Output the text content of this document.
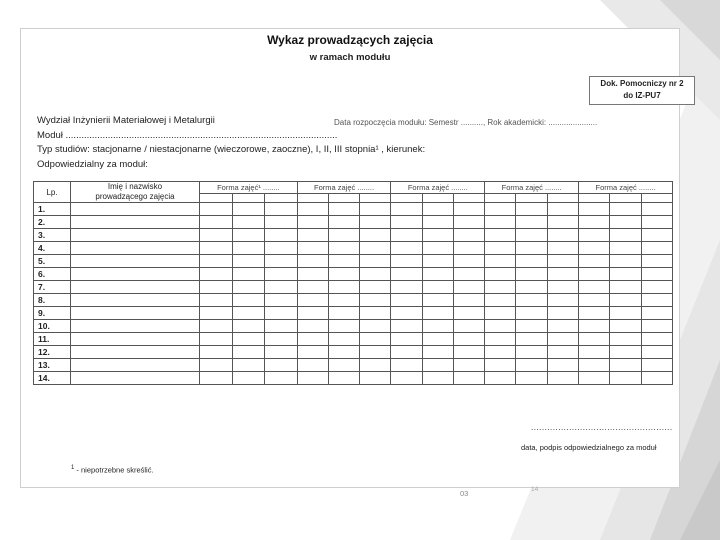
Wykaz prowadzących zajęcia
w ramach modułu
Dok. Pomocniczy nr 2
do IZ-PU7
Wydział Inżynierii Materiałowej i Metalurgii	Data rozpoczęcia modułu: Semestr .........., Rok akademicki: ......................
Moduł .......................................................................................................
Typ studiów: stacjonarne / niestacjonarne (wieczorowe, zaoczne), I, II, III stopnia¹ , kierunek:
Odpowiedzialny za moduł:
Lp.	Imię i nazwisko
prowadzącego zajęcia	Forma zajęć¹ ........			Forma zajęć ........			Forma zajęć ........			Forma zajęć ........			Forma zajęć ........		

1.																
2.																
3.																
4.																
5.																
6.																
7.																
8.																
9.																
10.																
11.																
12.																
13.																
14.																
....................................................
data, podpis odpowiedzialnego za moduł
$^1$ - niepotrzebne skreślić.
03	14
